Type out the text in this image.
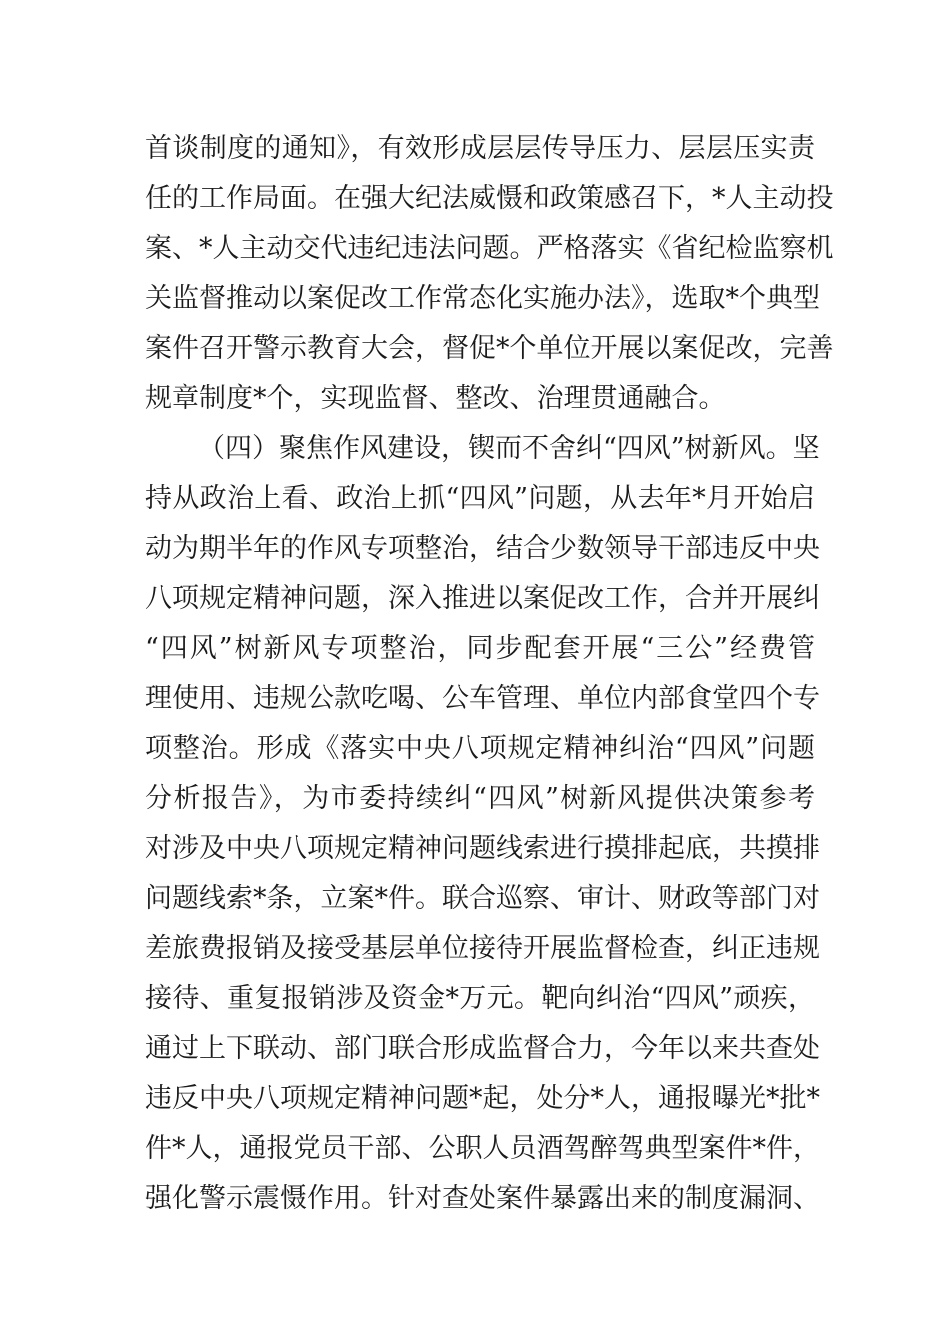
首谈制度的通知》，有效形成层层传导压力、层层压实责
任的工作局面。在强大纪法威慑和政策感召下，*人主动投
案、*人主动交代违纪违法问题。严格落实《省纪检监察机
关监督推动以案促改工作常态化实施办法》，选取*个典型
案件召开警示教育大会，督促*个单位开展以案促改，完善
规章制度*个，实现监督、整改、治理贯通融合。
（四）聚焦作风建设，锲而不舍纠“四风”树新风。坚
持从政治上看、政治上抓“四风”问题，从去年*月开始启
动为期半年的作风专项整治，结合少数领导干部违反中央
八项规定精神问题，深入推进以案促改工作，合并开展纠
“四风”树新风专项整治，同步配套开展“三公”经费管
理使用、违规公款吃喝、公车管理、单位内部食堂四个专
项整治。形成《落实中央八项规定精神纠治“四风”问题
分析报告》，为市委持续纠“四风”树新风提供决策参考
对涉及中央八项规定精神问题线索进行摸排起底，共摸排
问题线索*条，立案*件。联合巡察、审计、财政等部门对
差旅费报销及接受基层单位接待开展监督检查，纠正违规
接待、重复报销涉及资金*万元。靶向纠治“四风”顽疾，
通过上下联动、部门联合形成监督合力，今年以来共查处
违反中央八项规定精神问题*起，处分*人，通报曝光*批*
件*人，通报党员干部、公职人员酒驾醉驾典型案件*件，
强化警示震慑作用。针对查处案件暴露出来的制度漏洞、
